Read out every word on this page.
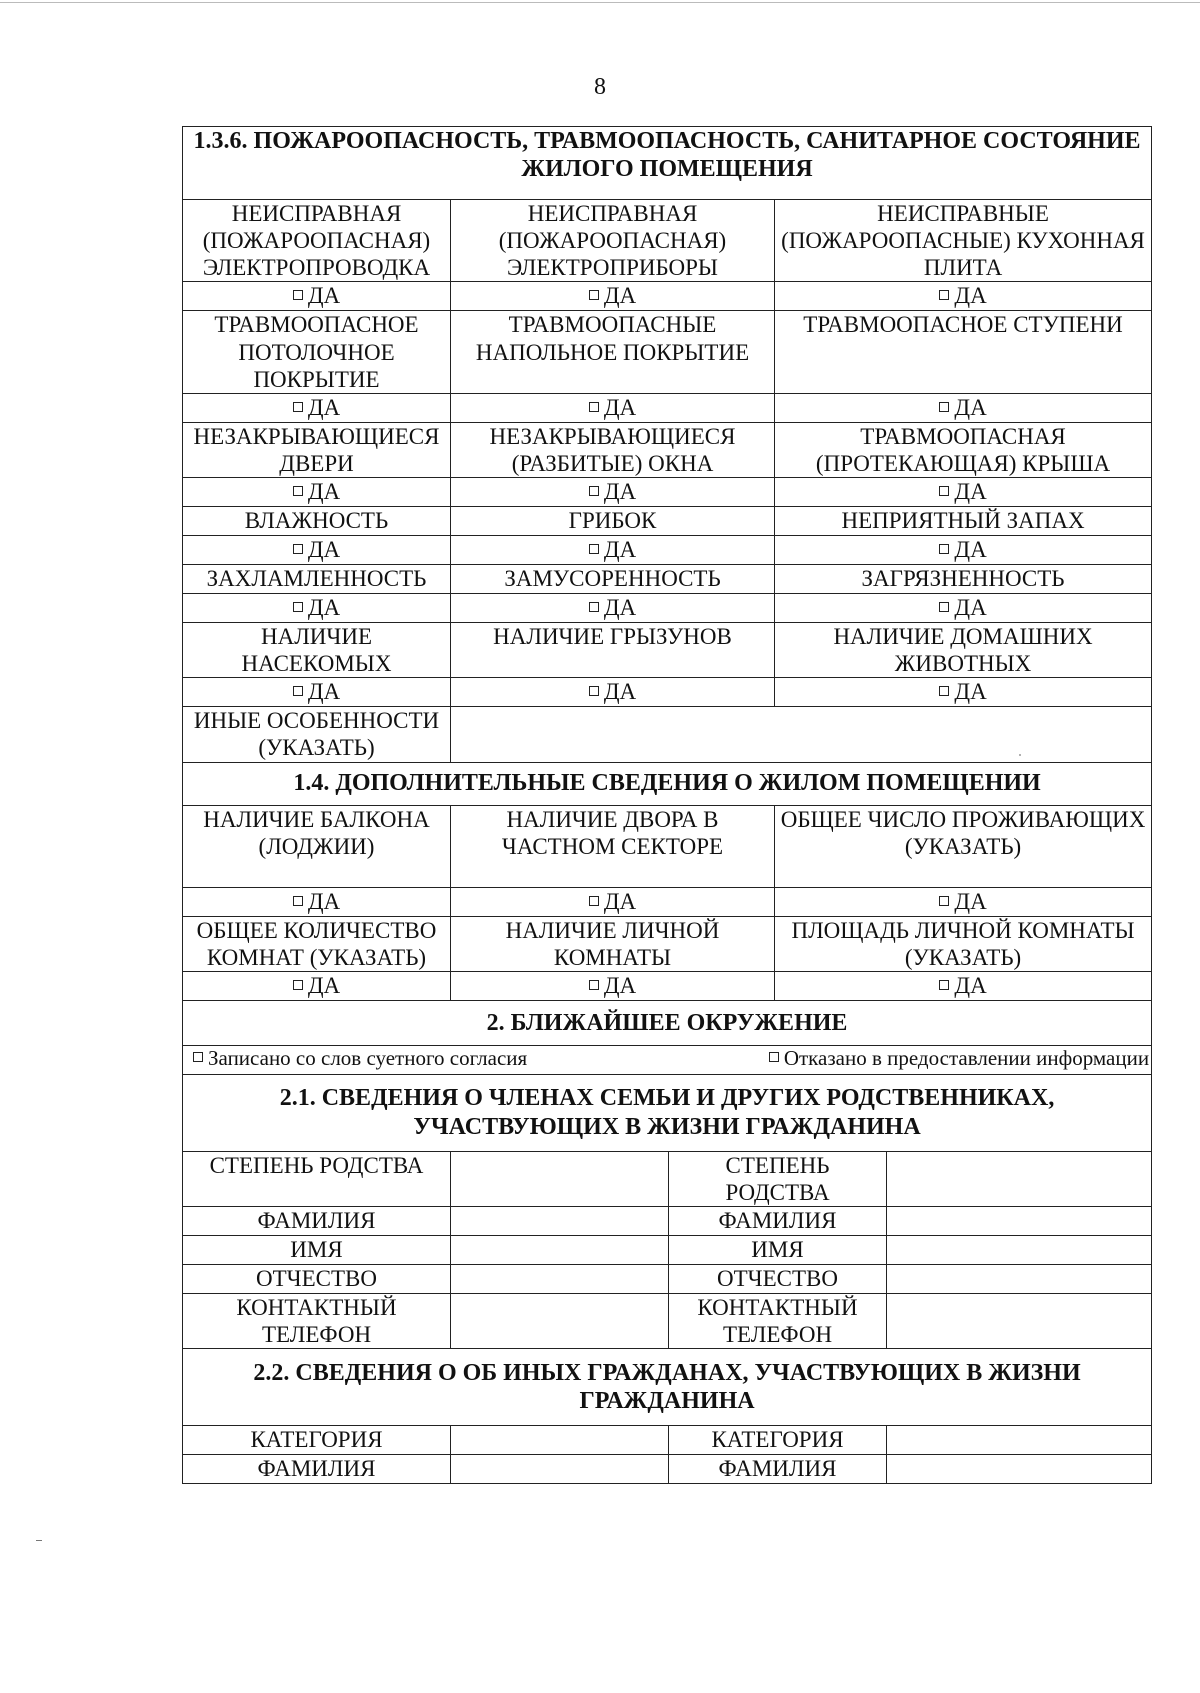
8
1.3.6. ПОЖАРООПАСНОСТЬ, ТРАВМООПАСНОСТЬ, САНИТАРНОЕ СОСТОЯНИЕ ЖИЛОГО ПОМЕЩЕНИЯ				
НЕИСПРАВНАЯ (ПОЖАРООПАСНАЯ) ЭЛЕКТРОПРОВОДКА	НЕИСПРАВНАЯ (ПОЖАРООПАСНАЯ) ЭЛЕКТРОПРИБОРЫ		НЕИСПРАВНЫЕ (ПОЖАРООПАСНЫЕ) КУХОННАЯ ПЛИТА	
ДА	ДА		ДА	
ТРАВМООПАСНОЕ ПОТОЛОЧНОЕ ПОКРЫТИЕ	ТРАВМООПАСНЫЕ НАПОЛЬНОЕ ПОКРЫТИЕ		ТРАВМООПАСНОЕ СТУПЕНИ	
ДА	ДА		ДА	
НЕЗАКРЫВАЮЩИЕСЯ ДВЕРИ	НЕЗАКРЫВАЮЩИЕСЯ (РАЗБИТЫЕ) ОКНА		ТРАВМООПАСНАЯ (ПРОТЕКАЮЩАЯ) КРЫША	
ДА	ДА		ДА	
ВЛАЖНОСТЬ	ГРИБОК		НЕПРИЯТНЫЙ ЗАПАХ	
ДА	ДА		ДА	
ЗАХЛАМЛЕННОСТЬ	ЗАМУСОРЕННОСТЬ		ЗАГРЯЗНЕННОСТЬ	
ДА	ДА		ДА	
НАЛИЧИЕ НАСЕКОМЫХ	НАЛИЧИЕ ГРЫЗУНОВ		НАЛИЧИЕ ДОМАШНИХ ЖИВОТНЫХ	
ДА	ДА		ДА	
ИНЫЕ ОСОБЕННОСТИ (УКАЗАТЬ)				

1.4. ДОПОЛНИТЕЛЬНЫЕ СВЕДЕНИЯ О ЖИЛОМ ПОМЕЩЕНИИ				
НАЛИЧИЕ БАЛКОНА (ЛОДЖИИ)	НАЛИЧИЕ ДВОРА В ЧАСТНОМ СЕКТОРЕ		ОБЩЕЕ ЧИСЛО ПРОЖИВАЮЩИХ (УКАЗАТЬ)	
ДА	ДА		ДА	
ОБЩЕЕ КОЛИЧЕСТВО КОМНАТ (УКАЗАТЬ)	НАЛИЧИЕ ЛИЧНОЙ КОМНАТЫ		ПЛОЩАДЬ ЛИЧНОЙ КОМНАТЫ (УКАЗАТЬ)	
ДА	ДА		ДА	
2. БЛИЖАЙШЕЕ ОКРУЖЕНИЕ				

Записано со слов суетного согласия Отказано в предоставлении информации				

2.1. СВЕДЕНИЯ О ЧЛЕНАХ СЕМЬИ И ДРУГИХ РОДСТВЕННИКАХ, УЧАСТВУЮЩИХ В ЖИЗНИ ГРАЖДАНИНА				
СТЕПЕНЬ РОДСТВА		СТЕПЕНЬ РОДСТВА		
ФАМИЛИЯ		ФАМИЛИЯ		
ИМЯ		ИМЯ		
ОТЧЕСТВО		ОТЧЕСТВО		
КОНТАКТНЫЙ ТЕЛЕФОН		КОНТАКТНЫЙ ТЕЛЕФОН		
2.2. СВЕДЕНИЯ О ОБ ИНЫХ ГРАЖДАНАХ, УЧАСТВУЮЩИХ В ЖИЗНИ ГРАЖДАНИНА				
КАТЕГОРИЯ		КАТЕГОРИЯ		
ФАМИЛИЯ		ФАМИЛИЯ		
